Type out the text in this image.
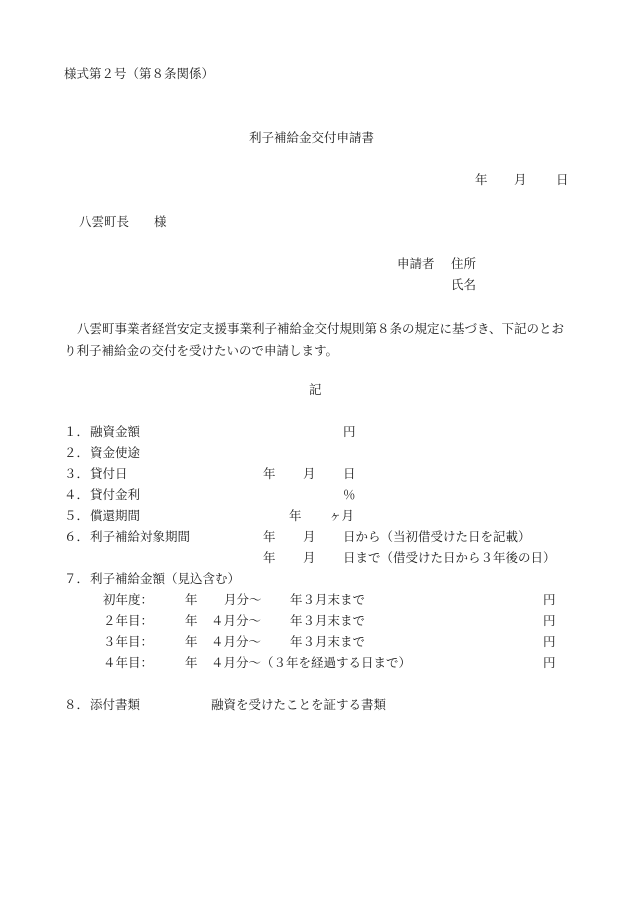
様式第２号（第８条関係）
利子補給金交付申請書
年 月 日
八雲町長　　様
申請者 住所
氏名
八雲町事業者経営安定支援事業利子補給金交付規則第８条の規定に基づき、下記のとおり利子補給金の交付を受けたいので申請します。
記
１． 融資金額	円
２． 資金使途
３． 貸付日	年 月 日
４． 貸付金利	％
５． 償還期間	年 ヶ月
６． 利子補給対象期間	年 月 日から（当初借受けた日を記載）
年 月 日まで（借受けた日から３年後の日）
７． 利子補給金額（見込含む）
初年度：	年 月分～ 年３月末まで	円
２年目：	年 ４月分～ 年３月末まで	円
３年目：	年 ４月分～ 年３月末まで	円
４年目：	年 ４月分～（３年を経過する日まで）	円
８． 添付書類	融資を受けたことを証する書類
